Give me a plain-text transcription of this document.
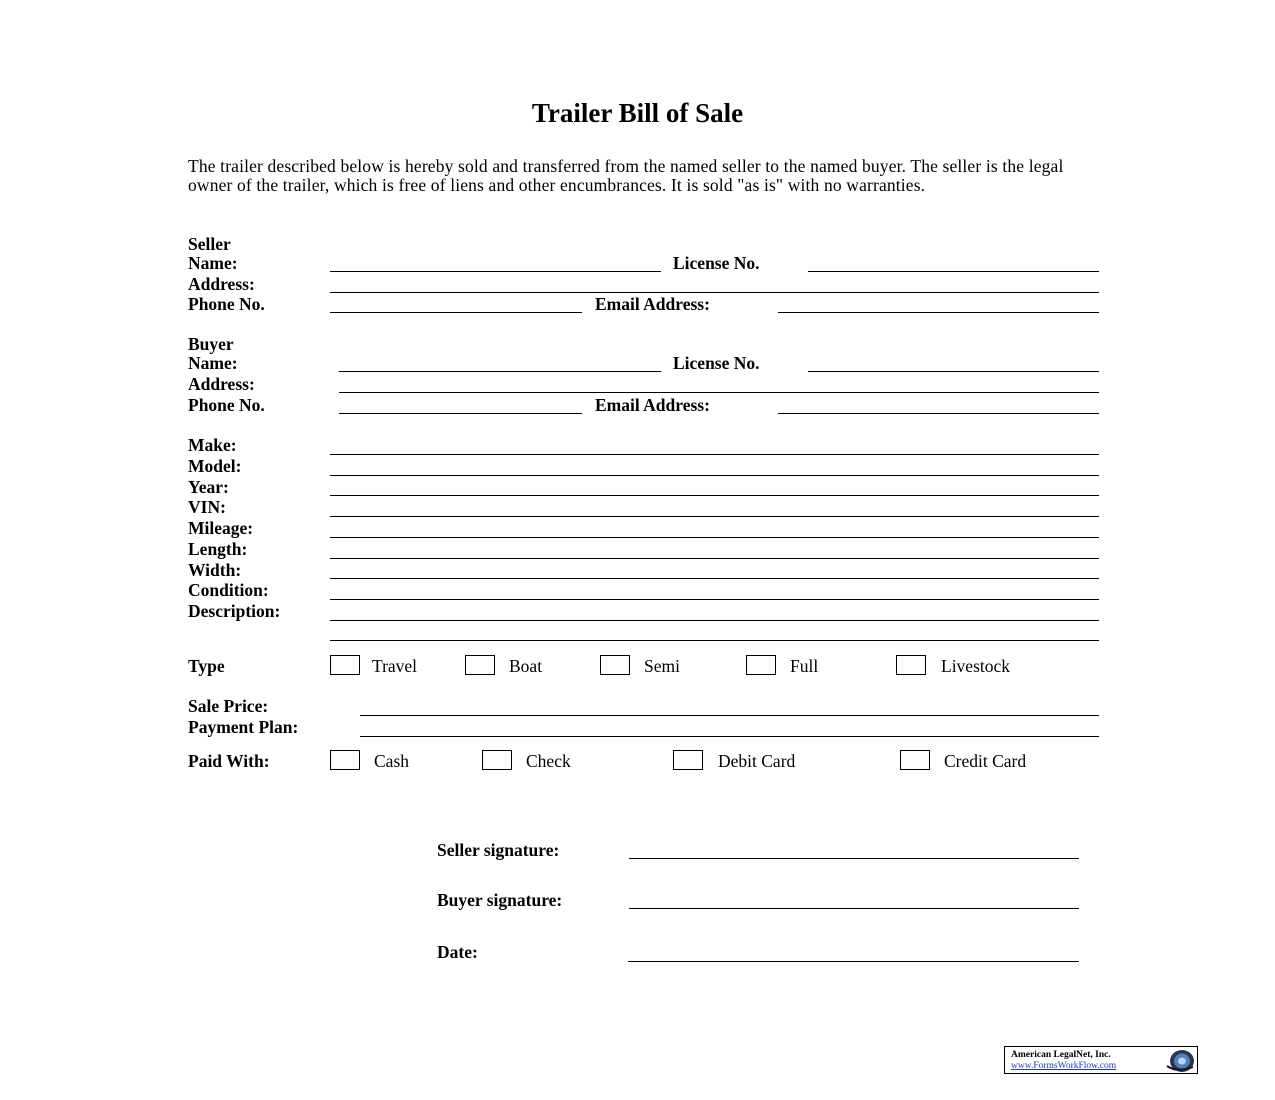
Trailer Bill of Sale
The trailer described below is hereby sold and transferred from the named seller to the named buyer. The seller is the legal owner of the trailer, which is free of liens and other encumbrances. It is sold "as is" with no warranties.
Seller
Name:	License No.
Address:
Phone No.	Email Address:
Buyer
Name:	License No.
Address:
Phone No.	Email Address:
Make:
Model:
Year:
VIN:
Mileage:
Length:
Width:
Condition:
Description:
Type	Travel	Boat	Semi	Full	Livestock
Sale Price:
Payment Plan:
Paid With:	Cash	Check	Debit Card	Credit Card
Seller signature:
Buyer signature:
Date:
American LegalNet, Inc.
www.FormsWorkFlow.com
